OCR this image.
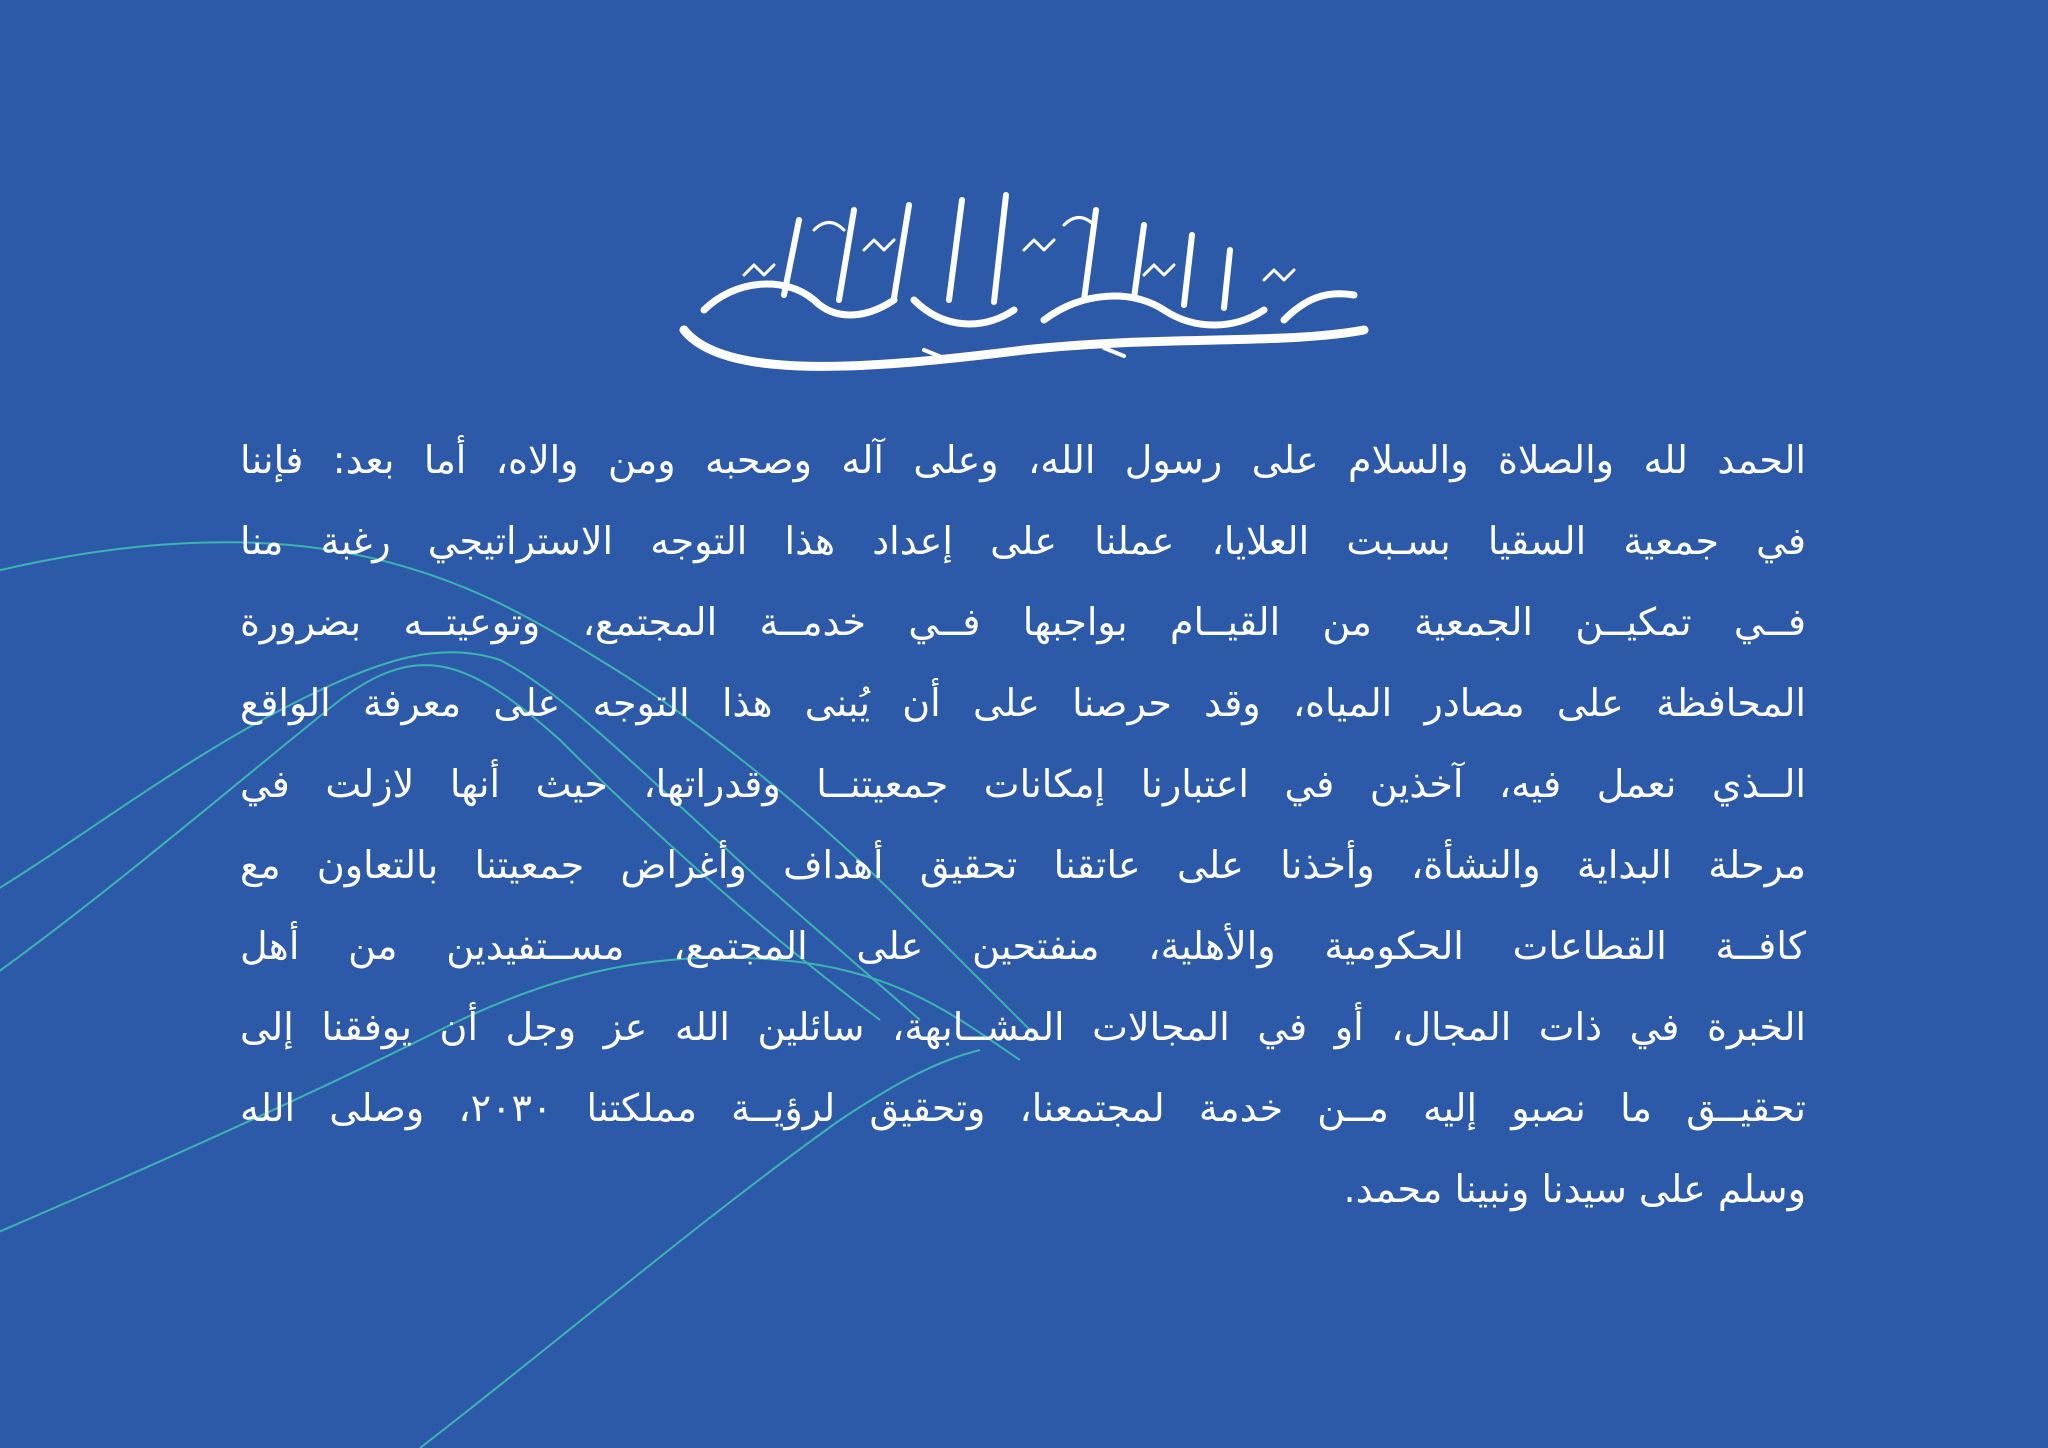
الحمد لله والصلاة والسلام على رسول الله، وعلى آله وصحبه ومن والاه، أما بعد: فإننا
في جمعية السقيا بسـبت العلايا، عملنا على إعداد هذا التوجه الاستراتيجي رغبة منا
فــي تمكيــن الجمعية من القيــام بواجبها فــي خدمــة المجتمع، وتوعيتــه بضرورة
المحافظة على مصادر المياه، وقد حرصنا على أن يُبنى هذا التوجه على معرفة الواقع
الــذي نعمل فيه، آخذين في اعتبارنا إمكانات جمعيتنــا وقدراتها، حيث أنها لازلت في
مرحلة البداية والنشأة، وأخذنا على عاتقنا تحقيق أهداف وأغراض جمعيتنا بالتعاون مع
كافــة القطاعات الحكومية والأهلية، منفتحين على المجتمع، مســتفيدين من أهل
الخبرة في ذات المجال، أو في المجالات المشــابهة، سائلين الله عز وجل أن يوفقنا إلى
تحقيــق ما نصبو إليه مــن خدمة لمجتمعنا، وتحقيق لرؤيــة مملكتنا ٢٠٣٠، وصلى الله
وسلم على سيدنا ونبينا محمد.
